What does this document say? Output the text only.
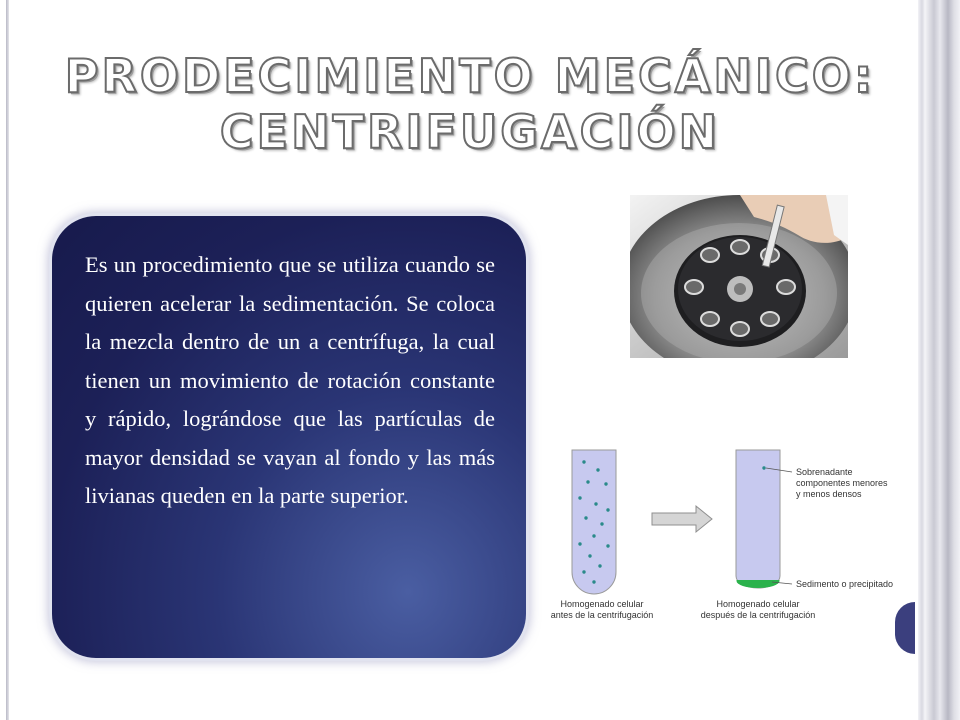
PRODECIMIENTO MECÁNICO:
CENTRIFUGACIÓN

Es un procedimiento que se utiliza cuando se quieren acelerar la sedimentación. Se coloca la mezcla dentro de un a centrífuga, la cual tienen un movimiento de rotación constante y rápido, lográndose que las partículas de mayor densidad se vayan al fondo y las más livianas queden en la parte superior.

Sobrenadante
componentes menores
y menos densos

Sedimento o precipitado

Homogenado celular
antes de la centrifugación

Homogenado celular
después de la centrifugación
